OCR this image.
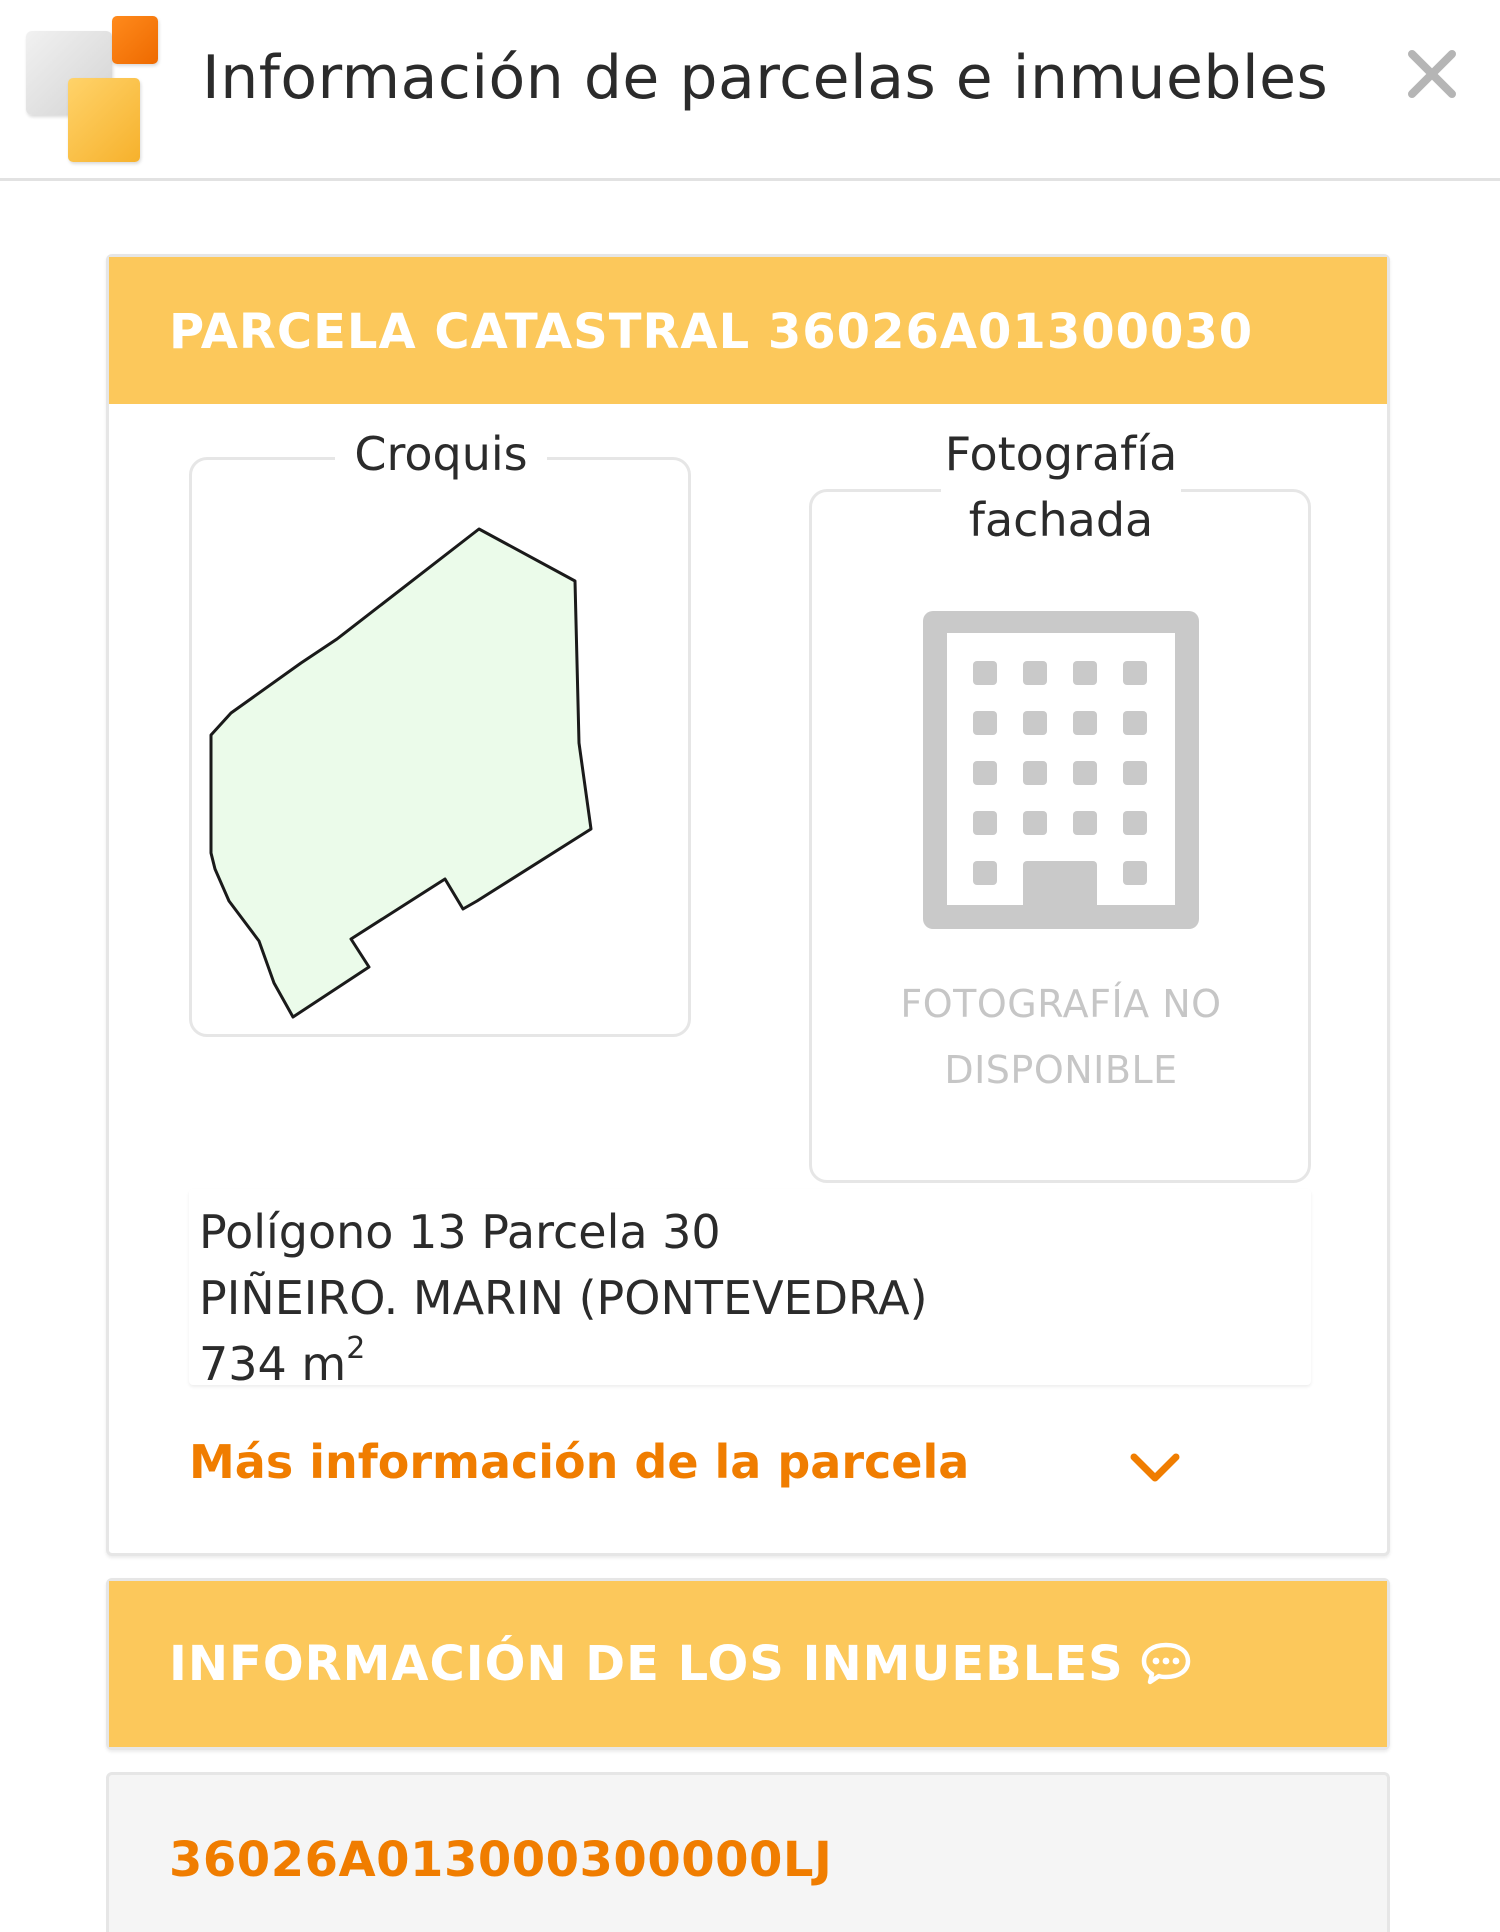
Información de parcelas e inmuebles
PARCELA CATASTRAL 36026A01300030
Croquis	Fotografía fachada
FOTOGRAFÍA NO DISPONIBLE
Polígono 13 Parcela 30
PIÑEIRO. MARIN (PONTEVEDRA)
734 $m^2$
Más información de la parcela
INFORMACIÓN DE LOS INMUEBLES
36026A013000300000LJ
